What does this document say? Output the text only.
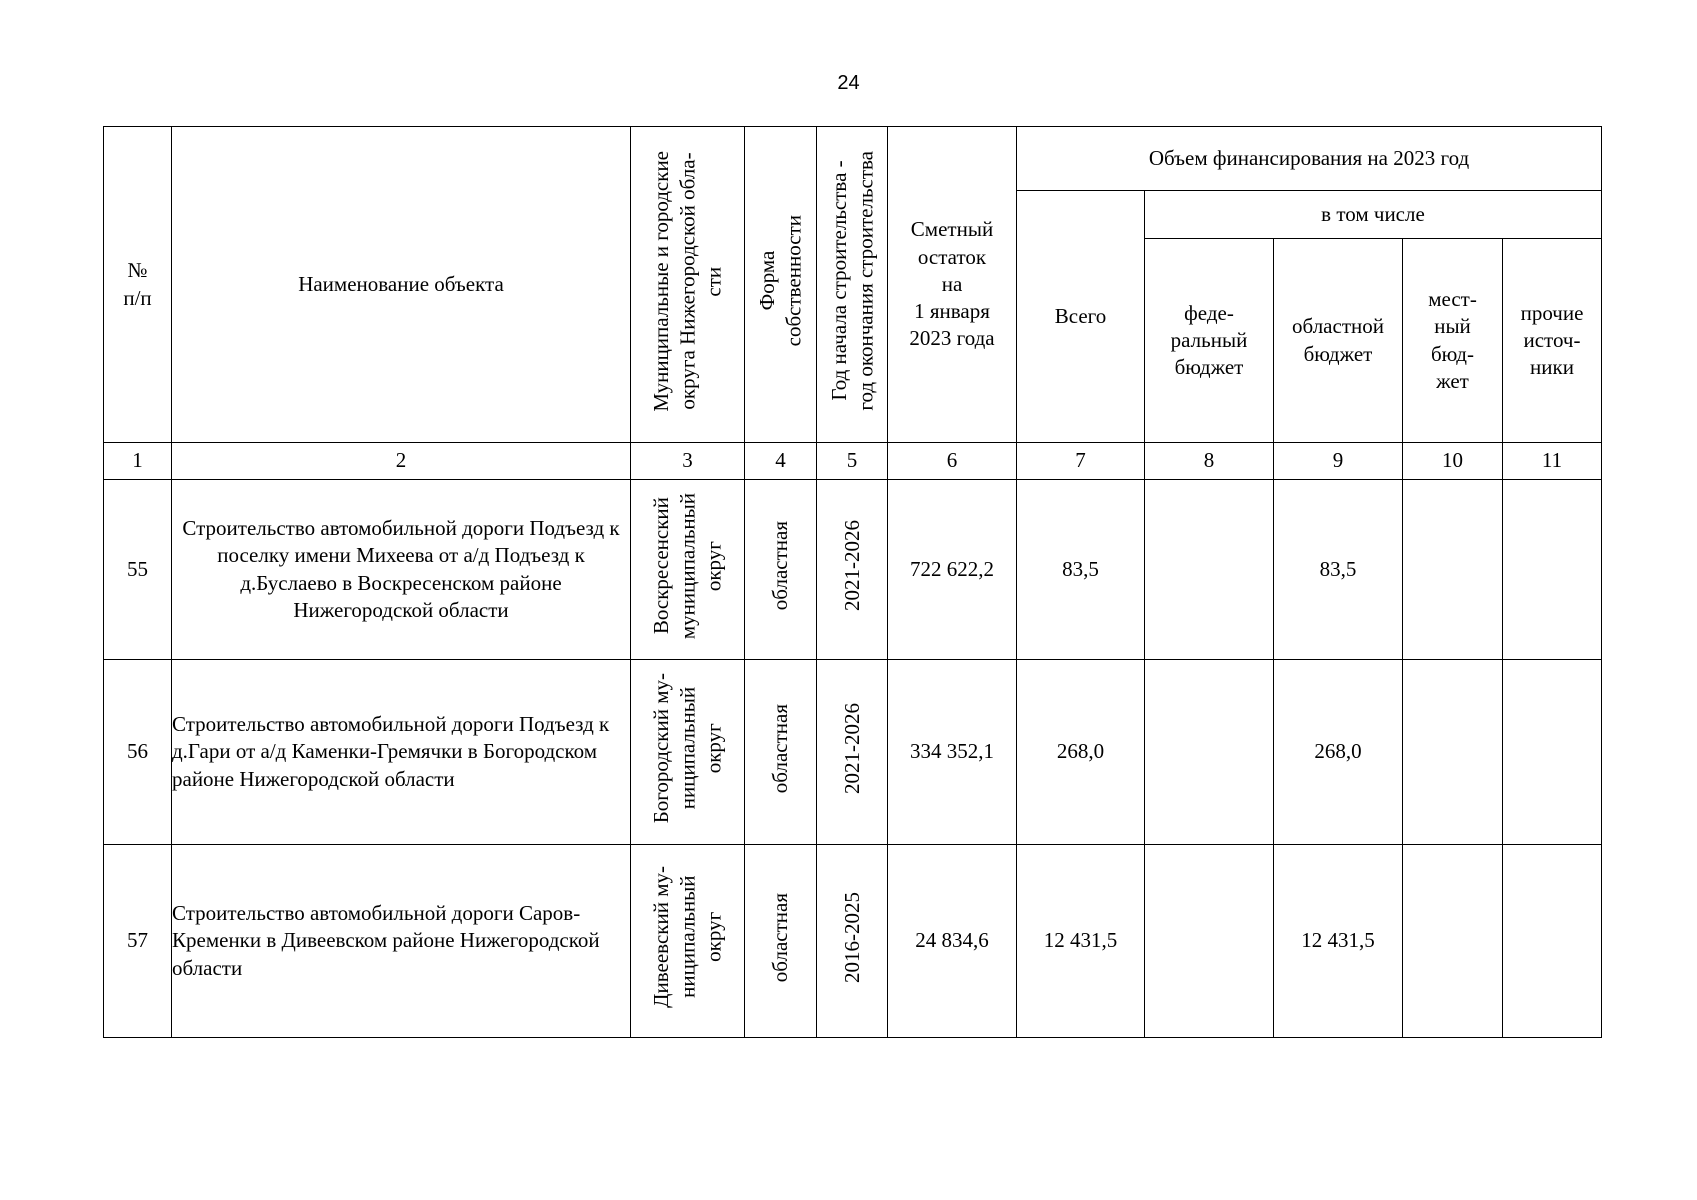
24
№
п/п	Наименование объекта	Муниципальные и городские
округа Нижегородской обла-
сти	Форма
собственности	Год начала строительства -
год окончания строительства	Сметный
остаток
на
1 января
2023 года	Объем финансирования на 2023 год				
						Всего	в том числе			
							феде-
ральный
бюджет	областной
бюджет	мест-
ный
бюд-
жет	прочие
источ-
ники
1	2	3	4	5	6	7	8	9	10	11
55	Строительство автомобильной дороги Подъезд к поселку имени Михеева от а/д Подъезд к д.Буслаево в Воскресенском районе Нижегородской области	Воскресенский
муниципальный
округ	областная	2021-2026	722 622,2	83,5		83,5		
56	Строительство автомобильной дороги Подъезд к д.Гари от а/д Каменки-Гремячки в Богородском районе Нижегородской области	Богородский му-
ниципальный
округ	областная	2021-2026	334 352,1	268,0		268,0		
57	Строительство автомобильной дороги Саров-Кременки в Дивеевском районе Нижегородской области	Дивеевский му-
ниципальный
округ	областная	2016-2025	24 834,6	12 431,5		12 431,5		
